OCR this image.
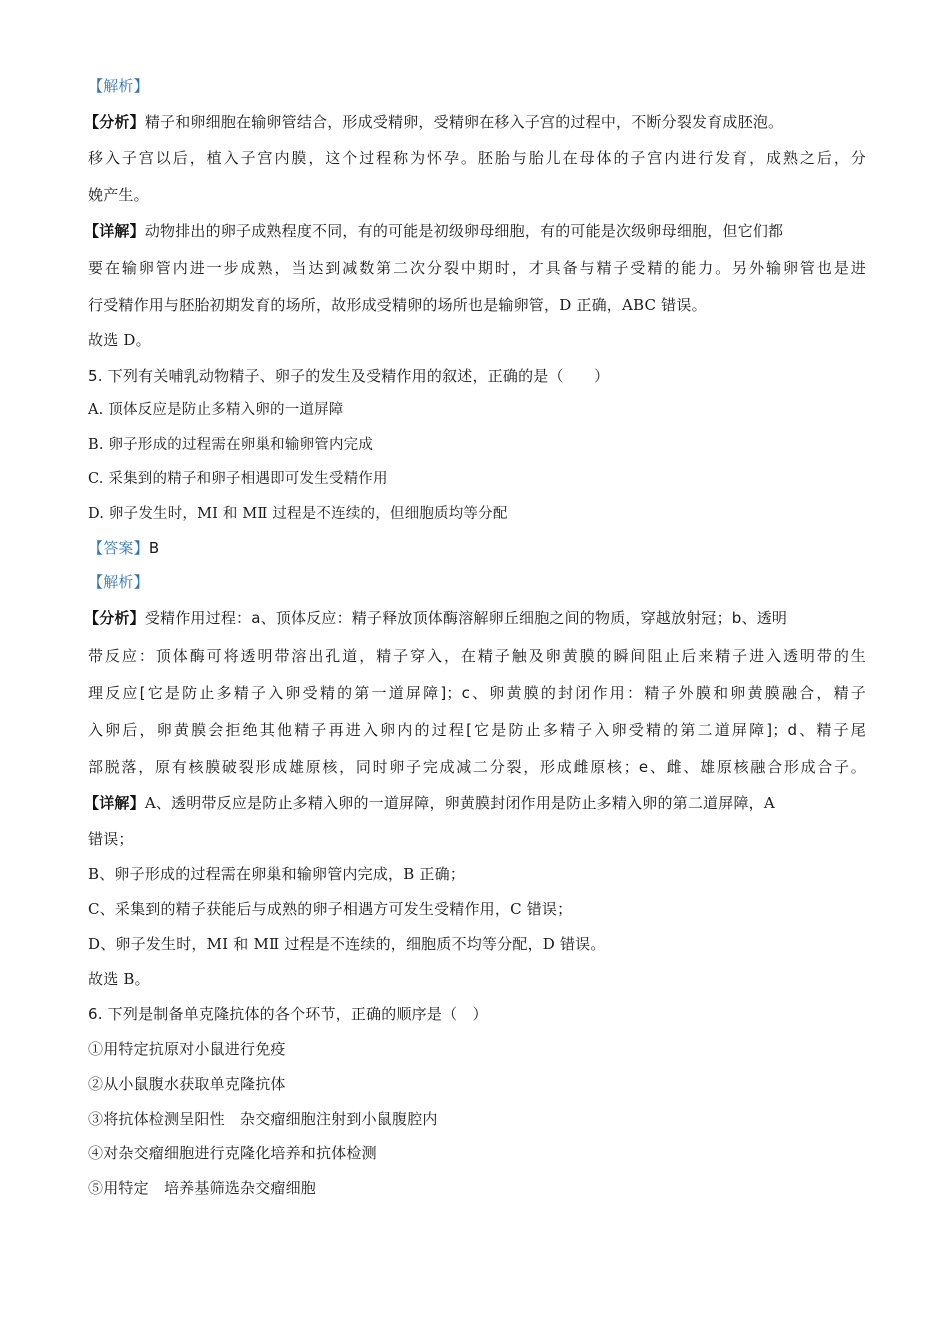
【解析】
【分析】精子和卵细胞在输卵管结合，形成受精卵，受精卵在移入子宫的过程中，不断分裂发育成胚泡。
移入子宫以后，植入子宫内膜，这个过程称为怀孕。胚胎与胎儿在母体的子宫内进行发育，成熟之后，分
娩产生。
【详解】动物排出的卵子成熟程度不同，有的可能是初级卵母细胞，有的可能是次级卵母细胞，但它们都
要在输卵管内进一步成熟，当达到减数第二次分裂中期时，才具备与精子受精的能力。另外输卵管也是进
行受精作用与胚胎初期发育的场所，故形成受精卵的场所也是输卵管，D 正确，ABC 错误。
故选 D。
5. 下列有关哺乳动物精子、卵子的发生及受精作用的叙述，正确的是（　　）
A. 顶体反应是防止多精入卵的一道屏障
B. 卵子形成的过程需在卵巢和输卵管内完成
C. 采集到的精子和卵子相遇即可发生受精作用
D. 卵子发生时，MⅠ 和 MⅡ 过程是不连续的，但细胞质均等分配
【答案】B
【解析】
【分析】受精作用过程：a、顶体反应：精子释放顶体酶溶解卵丘细胞之间的物质，穿越放射冠；b、透明
带反应：顶体酶可将透明带溶出孔道，精子穿入，在精子触及卵黄膜的瞬间阻止后来精子进入透明带的生
理反应[它是防止多精子入卵受精的第一道屏障]；c、卵黄膜的封闭作用：精子外膜和卵黄膜融合，精子
入卵后，卵黄膜会拒绝其他精子再进入卵内的过程[它是防止多精子入卵受精的第二道屏障]；d、精子尾
部脱落，原有核膜破裂形成雄原核，同时卵子完成减二分裂，形成雌原核；e、雌、雄原核融合形成合子。
【详解】A、透明带反应是防止多精入卵的一道屏障，卵黄膜封闭作用是防止多精入卵的第二道屏障，A
错误；
B、卵子形成的过程需在卵巢和输卵管内完成，B 正确；
C、采集到的精子获能后与成熟的卵子相遇方可发生受精作用，C 错误；
D、卵子发生时，MⅠ 和 MⅡ 过程是不连续的，细胞质不均等分配，D 错误。
故选 B。
6. 下列是制备单克隆抗体的各个环节，正确的顺序是（　）
①用特定抗原对小鼠进行免疫
②从小鼠腹水获取单克隆抗体
③将抗体检测呈阳性　杂交瘤细胞注射到小鼠腹腔内
④对杂交瘤细胞进行克隆化培养和抗体检测
⑤用特定　培养基筛选杂交瘤细胞
